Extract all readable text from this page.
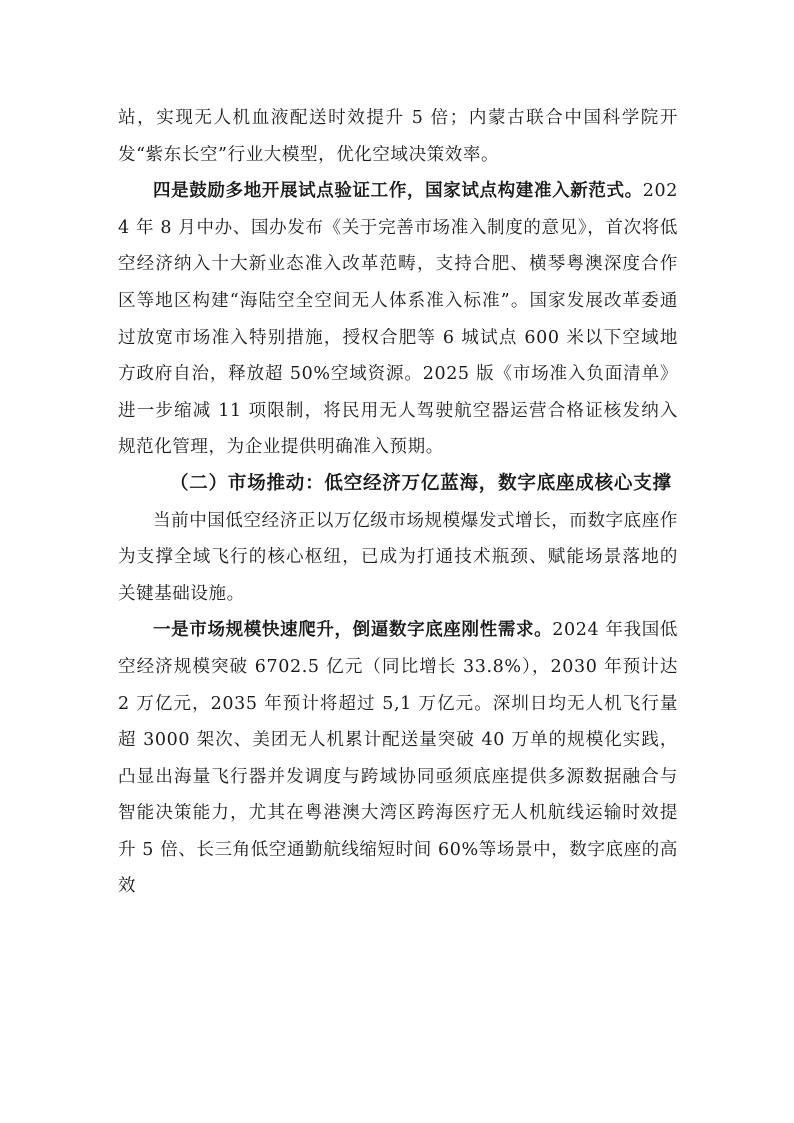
站，实现无人机血液配送时效提升 5 倍；内蒙古联合中国科学院开发“紫东长空”行业大模型，优化空域决策效率。

四是鼓励多地开展试点验证工作，国家试点构建准入新范式。2024 年 8 月中办、国办发布《关于完善市场准入制度的意见》，首次将低空经济纳入十大新业态准入改革范畴，支持合肥、横琴粤澳深度合作区等地区构建“海陆空全空间无人体系准入标准”。国家发展改革委通过放宽市场准入特别措施，授权合肥等 6 城试点 600 米以下空域地方政府自治，释放超 50%空域资源。2025 版《市场准入负面清单》进一步缩减 11 项限制，将民用无人驾驶航空器运营合格证核发纳入规范化管理，为企业提供明确准入预期。

（二）市场推动：低空经济万亿蓝海，数字底座成核心支撑

当前中国低空经济正以万亿级市场规模爆发式增长，而数字底座作为支撑全域飞行的核心枢纽，已成为打通技术瓶颈、赋能场景落地的关键基础设施。

一是市场规模快速爬升，倒逼数字底座刚性需求。2024 年我国低空经济规模突破 6702.5 亿元（同比增长 33.8%），2030 年预计达 2 万亿元，2035 年预计将超过 5,1 万亿元。深圳日均无人机飞行量超 3000 架次、美团无人机累计配送量突破 40 万单的规模化实践，凸显出海量飞行器并发调度与跨域协同亟须底座提供多源数据融合与智能决策能力，尤其在粤港澳大湾区跨海医疗无人机航线运输时效提升 5 倍、长三角低空通勤航线缩短时间 60%等场景中，数字底座的高效
